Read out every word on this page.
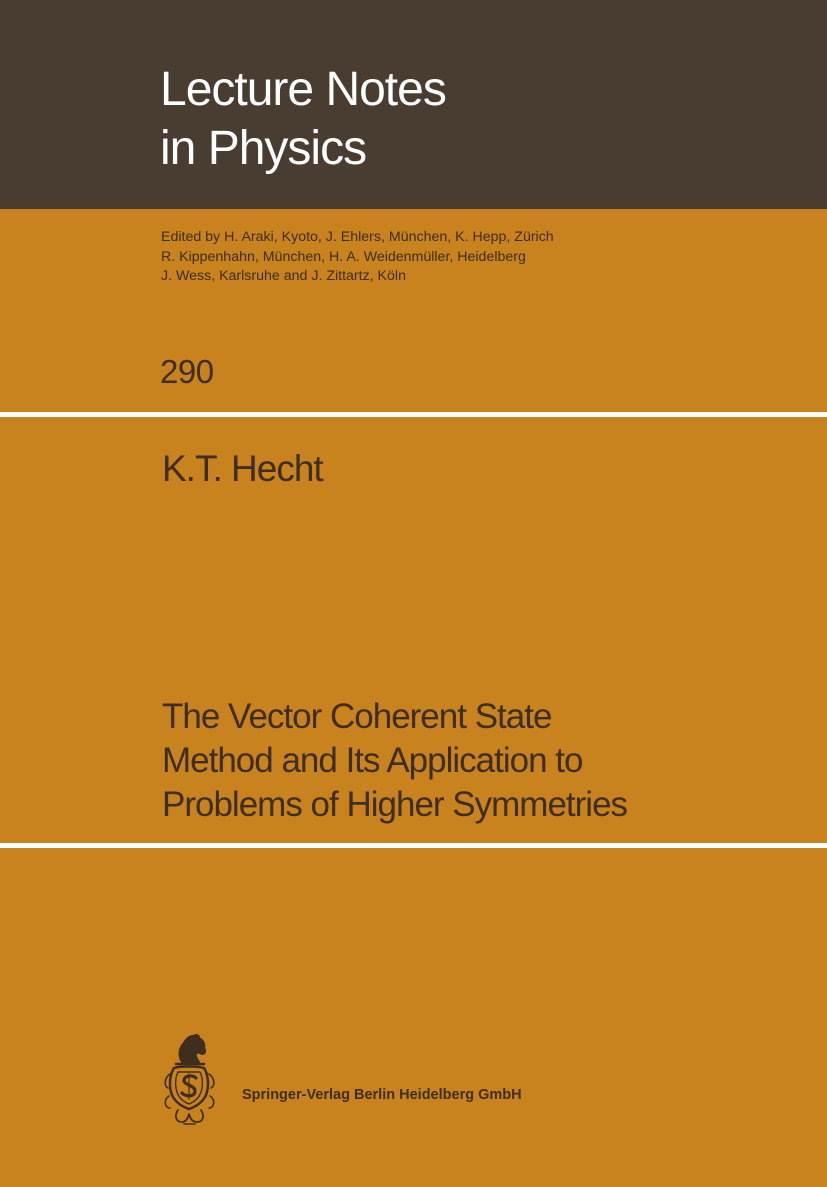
Lecture Notes
in Physics

Edited by H. Araki, Kyoto, J. Ehlers, München, K. Hepp, Zürich
R. Kippenhahn, München, H. A. Weidenmüller, Heidelberg
J. Wess, Karlsruhe and J. Zittartz, Köln

290
K.T. Hecht
The Vector Coherent State
Method and Its Application to
Problems of Higher Symmetries

Springer-Verlag Berlin Heidelberg GmbH
